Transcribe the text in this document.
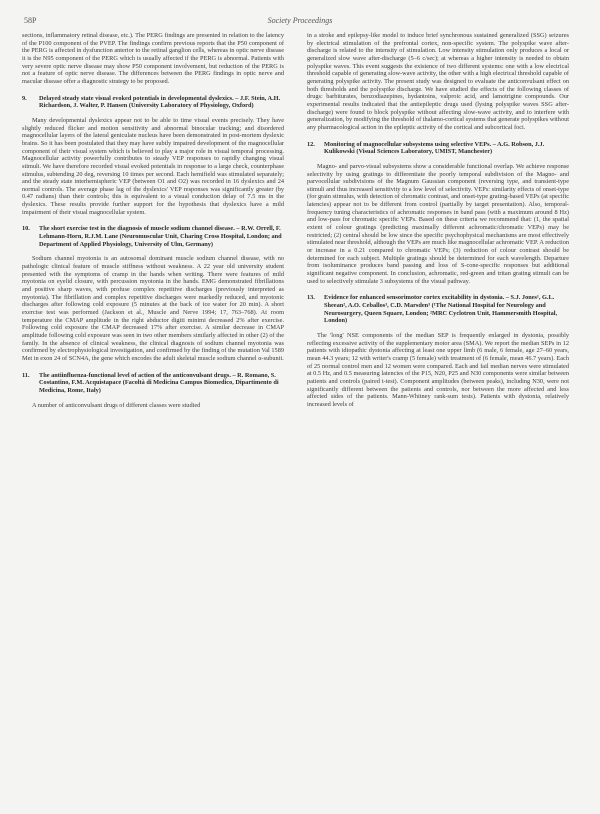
58P	Society Proceedings

sections, inflammatory retinal disease, etc.). The PERG findings are presented in relation to the latency of the P100 component of the PVEP. The findings confirm previous reports that the P50 component of the PERG is affected in dysfunction anterior to the retinal ganglion cells, whereas in optic nerve disease it is the N95 component of the PERG which is usually affected if the PERG is abnormal. Patients with very severe optic nerve disease may show P50 component involvement, but reduction of the PERG is not a feature of optic nerve disease. The differences between the PERG findings in optic nerve and macular disease offer a diagnostic strategy to be proposed.

9.	Delayed steady state visual evoked potentials in developmental dyslexics. – J.F. Stein, A.H. Richardson, J. Walter, P. Hansen (University Laboratory of Physiology, Oxford)

Many developmental dyslexics appear not to be able to time visual events precisely. They have slightly reduced flicker and motion sensitivity and abnormal binocular tracking; and disordered magnocellular layers of the lateral geniculate nucleus have been demonstrated in post-mortem dyslexic brains. So it has been postulated that they may have subtly impaired development of the magnocellular component of their visual system which is believed to play a major role in visual temporal processing. Magnocellular activity powerfully contributes to steady VEP responses to rapidly changing visual stimuli. We have therefore recorded visual evoked potentials in response to a large check, counterphase stimulus, subtending 20 deg, reversing 10 times per second. Each hemifield was stimulated separately; and the steady state interhemispheric VEP (between O1 and O2) was recorded in 16 dyslexics and 24 normal controls. The average phase lag of the dyslexics' VEP responses was significantly greater (by 0.47 radians) than their controls; this is equivalent to a visual conduction delay of 7.5 ms in the dyslexics. These results provide further support for the hypothesis that dyslexics have a mild impairment of their visual magnocellular system.

10.	The short exercise test in the diagnosis of muscle sodium channel disease. – R.W. Orrell, F. Lehmann-Horn, R.J.M. Lane (Neuromuscular Unit, Charing Cross Hospital, London; and Department of Applied Physiology, University of Ulm, Germany)

Sodium channel myotonia is an autosomal dominant muscle sodium channel disease, with no pathologic clinical feature of muscle stiffness without weakness. A 22 year old university student presented with the symptoms of cramp in the hands when writing. There were features of mild myotonia on eyelid closure, with percussion myotonia in the hands. EMG demonstrated fibrillations and positive sharp waves, with profuse complex repetitive discharges (previously interpreted as myotonia). The fibrillation and complex repetitive discharges were markedly reduced, and myotonic discharges after following cold exposure (5 minutes at the back of ice water for 20 min). A short exercise test was performed (Jackson et al., Muscle and Nerve 1994; 17, 763–768). At room temperature the CMAP amplitude in the right abductor digiti minimi decreased 2% after exercise. Following cold exposure the CMAP decreased 17% after exercise. A similar decrease in CMAP amplitude following cold exposure was seen in two other members similarly affected in other (2) of the family. In the absence of clinical weakness, the clinical diagnosis of sodium channel myotonia was confirmed by electrophysiological investigation, and confirmed by the finding of the mutation Val 1589 Met in exon 24 of SCN4A, the gene which encodes the adult skeletal muscle sodium channel α-subunit.

11.	The antiinfluenza-functional level of action of the anticonvulsant drugs. – R. Romano, S. Costantino, F.M. Acquistapace (Facoltà di Medicina Campus Biomedico, Dipartimento di Medicina, Rome, Italy)

A number of anticonvulsant drugs of different classes were studied

in a stroke and epilepsy-like model to induce brief synchronous sustained generalized (SSG) seizures by electrical stimulation of the prefrontal cortex, non-specific system. The polyspike wave after-discharge is related to the intensity of stimulation. Low intensity stimulation only produces a local or generalized slow wave after-discharge (5–6 c/sec); at whereas a higher intensity is needed to obtain polyspike waves. This event suggests the existence of two different systems: one with a low electrical threshold capable of generating slow-wave activity, the other with a high electrical threshold capable of generating polyspike activity. The present study was designed to evaluate the anticonvulsant effect on both thresholds and the polyspike discharge. We have studied the effects of the following classes of drugs: barbiturates, benzodiazepines, hydantoins, valproic acid, and lamotrigine compounds. Our experimental results indicated that the antiepileptic drugs used (lysing polyspike waves SSG after-discharge) were found to block polyspike without affecting slow-wave activity, and to interfere with generalization, by modifying the threshold of thalamo-cortical systems that generate polyspikes without any pharmacological action in the epileptic activity of the cortical and subcortical foci.

12.	Monitoring of magnocellular subsystems using selective VEPs. – A.G. Robson, J.J. Kulikowski (Visual Sciences Laboratory, UMIST, Manchester)

Magno- and parvo-visual subsystems show a considerable functional overlap. We achieve response selectivity by using gratings to differentiate the poorly temporal subdivision of the Magno- and parvocellular subdivisions of the Magnum Gaussian component (reversing type, and transient-type stimuli and thus increased sensitivity to a low level of selectivity. VEPs: similarity effects of onset-type (for grain stimulus, with detection of chromatic contrast, and onset-type grating-based VEPs (at specific latencies) appear not to be different from control (partially by target presentation). Also, temporal-frequency tuning characteristics of achromatic responses in band pass (with a maximum around 8 Hz) and low-pass for chromatic specific VEPs. Based on these criteria we recommend that: (1, the spatial extent of colour gratings (predicting maximally different achromatic/chromatic VEPs) may be restricted; (2) central should be low since the specific psychophysical mechanisms are most effectively stimulated near threshold, although the VEPs are much like magnocellular achromatic VEP. A reduction or increase in a 0.21 compared to chromatic VEPs; (3) reduction of colour contrast should be determined for each subject. Multiple gratings should be determined for each wavelength. Departure from isoluminance produces band passing and loss of S-cone-specific responses but additional significant negative component. In conclusion, achromatic, red-green and tritan grating stimuli can be used to selectively stimulate 3 subsystems of the visual pathway.

13.	Evidence for enhanced sensorimotor cortex excitability in dystonia. – S.J. Jones¹, G.L. Sheean², A.O. Ceballos³, C.D. Marsden³ (¹The National Hospital for Neurology and Neurosurgery, Queen Square, London; ²MRC Cyclotron Unit, Hammersmith Hospital, London)

The 'long' NSE components of the median SEP is frequently enlarged in dystonia, possibly reflecting excessive activity of the supplementary motor area (SMA). We report the median SEPs in 12 patients with idiopathic dystonia affecting at least one upper limb (6 male, 6 female, age 27–60 years, mean 44.3 years; 12 with writer's cramp (5 female) with treatment of (6 female, mean 46.7 years). Each of 25 normal control men and 12 women were compared. Each and fail median nerves were stimulated at 0.5 Hz, and 0.5 measuring latencies of the P15, N20, P25 and N30 components were similar between patients and controls (paired t-test). Component amplitudes (between peaks), including N30, were not significantly different between the patients and controls, nor between the more affected and less affected sides of the patients. Mann-Whitney rank-sum tests). Patients with dystonia, relatively increased levels of
